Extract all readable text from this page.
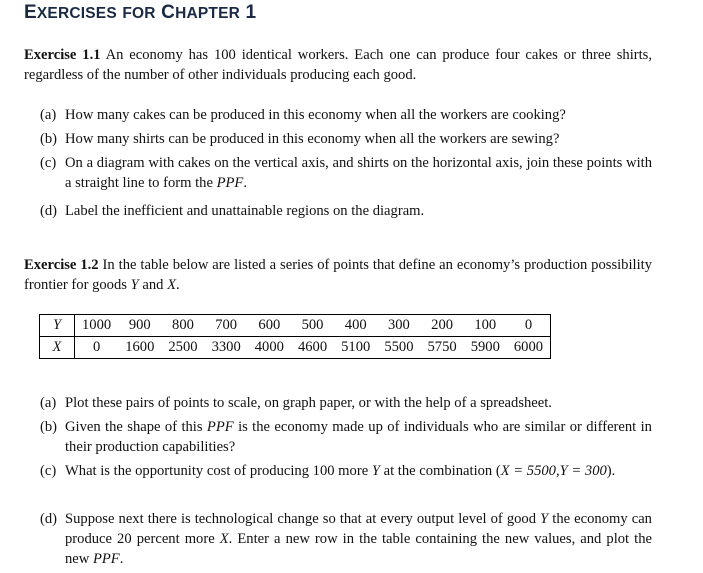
EXERCISES FOR CHAPTER 1
Exercise 1.1 An economy has 100 identical workers. Each one can produce four cakes or three shirts, regardless of the number of other individuals producing each good.
(a) How many cakes can be produced in this economy when all the workers are cooking?
(b) How many shirts can be produced in this economy when all the workers are sewing?
(c) On a diagram with cakes on the vertical axis, and shirts on the horizontal axis, join these points with a straight line to form the PPF.
(d) Label the inefficient and unattainable regions on the diagram.
Exercise 1.2 In the table below are listed a series of points that define an economy’s production possibility frontier for goods Y and X.
Y	1000	900	800	700	600	500	400	300	200	100	0
X	0	1600	2500	3300	4000	4600	5100	5500	5750	5900	6000
(a) Plot these pairs of points to scale, on graph paper, or with the help of a spreadsheet.
(b) Given the shape of this PPF is the economy made up of individuals who are similar or different in their production capabilities?
(c) What is the opportunity cost of producing 100 more Y at the combination (X = 5500,Y = 300).
(d) Suppose next there is technological change so that at every output level of good Y the economy can produce 20 percent more X. Enter a new row in the table containing the new values, and plot the new PPF.
